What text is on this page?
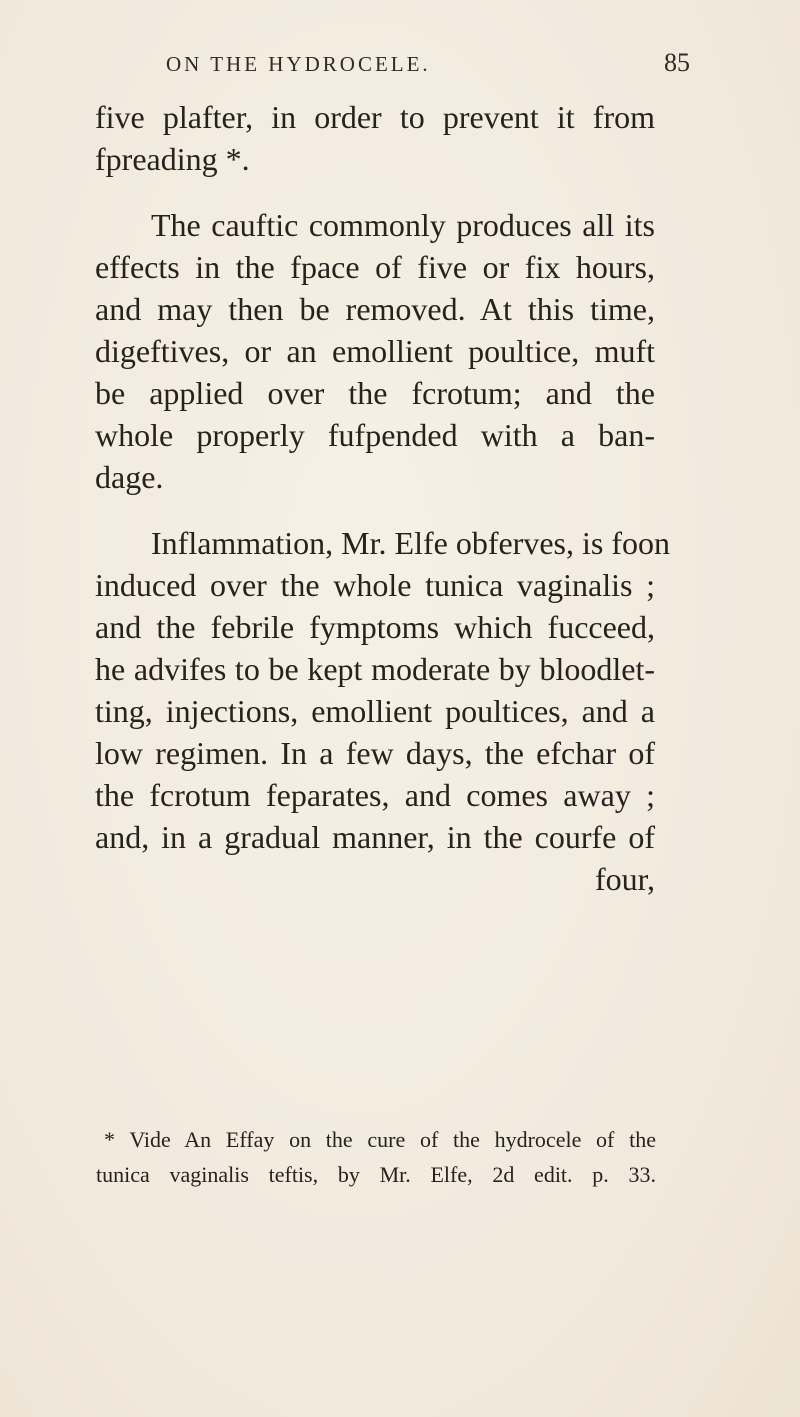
ON THE HYDROCELE.	85
five plafter, in order to prevent it from
fpreading *.
The cauftic commonly produces all its
effects in the fpace of five or fix hours,
and may then be removed. At this time,
digeftives, or an emollient poultice, muft
be applied over the fcrotum; and the
whole properly fufpended with a ban-
dage.
Inflammation, Mr. Elfe obferves, is foon
induced over the whole tunica vaginalis ;
and the febrile fymptoms which fucceed,
he advifes to be kept moderate by bloodlet-
ting, injections, emollient poultices, and a
low regimen. In a few days, the efchar of
the fcrotum feparates, and comes away ;
and, in a gradual manner, in the courfe of
four,
* Vide An Effay on the cure of the hydrocele of the
tunica vaginalis teftis, by Mr. Elfe, 2d edit. p. 33.
